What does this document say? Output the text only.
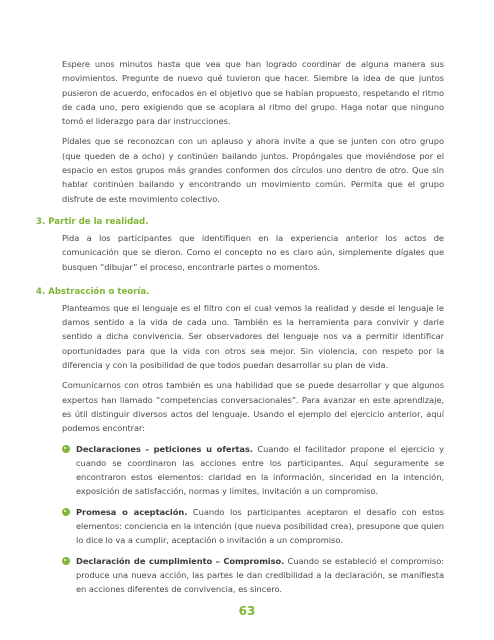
Espere unos minutos hasta que vea que han logrado coordinar de alguna manera sus movimientos. Pregunte de nuevo qué tuvieron que hacer. Siembre la idea de que juntos pusieron de acuerdo, enfocados en el objetivo que se habían propuesto, respetando el ritmo de cada uno, pero exigiendo que se acoplara al ritmo del grupo. Haga notar que ninguno tomó el liderazgo para dar instrucciones.

Pídales que se reconozcan con un aplauso y ahora invite a que se junten con otro grupo (que queden de a ocho) y continúen bailando juntos. Propóngales que moviéndose por el espacio en estos grupos más grandes conformen dos círculos uno dentro de otro. Que sin hablar continúen bailando y encontrando un movimiento común. Permita que el grupo disfrute de este movimiento colectivo.

3. Partir de la realidad.

Pida a los participantes que identifiquen en la experiencia anterior los actos de comunicación que se dieron. Como el concepto no es claro aún, simplemente dígales que busquen “dibujar” el proceso, encontrarle partes o momentos.

4. Abstracción o teoría.

Planteamos que el lenguaje es el filtro con el cual vemos la realidad y desde el lenguaje le damos sentido a la vida de cada uno. También es la herramienta para convivir y darle sentido a dicha convivencia. Ser observadores del lenguaje nos va a permitir identificar oportunidades para que la vida con otros sea mejor. Sin violencia, con respeto por la diferencia y con la posibilidad de que todos puedan desarrollar su plan de vida.

Comunicarnos con otros también es una habilidad que se puede desarrollar y que algunos expertos han llamado “competencias conversacionales”. Para avanzar en este aprendizaje, es útil distinguir diversos actos del lenguaje. Usando el ejemplo del ejercicio anterior, aquí podemos encontrar:

Declaraciones - peticiones u ofertas. Cuando el facilitador propone el ejercicio y cuando se coordinaron las acciones entre los participantes. Aquí seguramente se encontraron estos elementos: claridad en la información, sinceridad en la intención, exposición de satisfacción, normas y límites, invitación a un compromiso.

Promesa o aceptación. Cuando los participantes aceptaron el desafío con estos elementos: conciencia en la intención (que nueva posibilidad crea), presupone que quien lo dice lo va a cumplir, aceptación o invitación a un compromiso.

Declaración de cumplimiento – Compromiso. Cuando se estableció el compromiso: produce una nueva acción, las partes le dan credibilidad a la declaración, se manifiesta en acciones diferentes de convivencia, es sincero.

63
